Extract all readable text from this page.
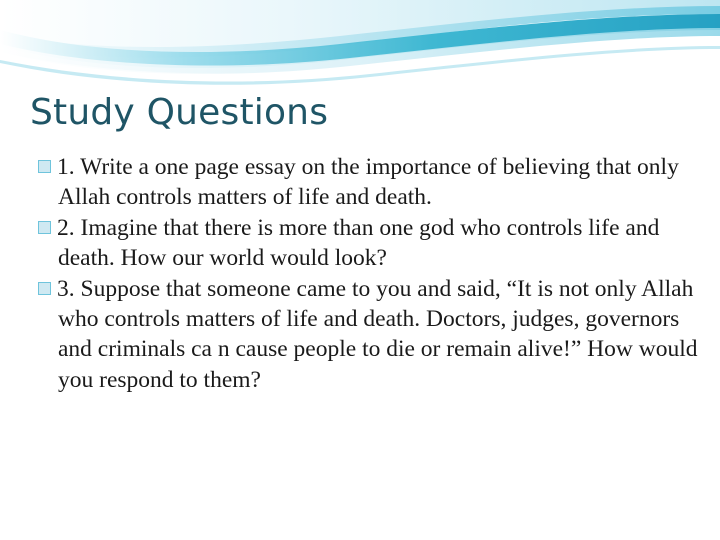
Study Questions
1. Write a one page essay on the importance of believing that only Allah controls matters of life and death.
2. Imagine that there is more than one god who controls life and death. How our world would look?
3. Suppose that someone came to you and said, “It is not only Allah who controls matters of life and death. Doctors, judges, governors and criminals ca n cause people to die or remain alive!” How would you respond to them?
